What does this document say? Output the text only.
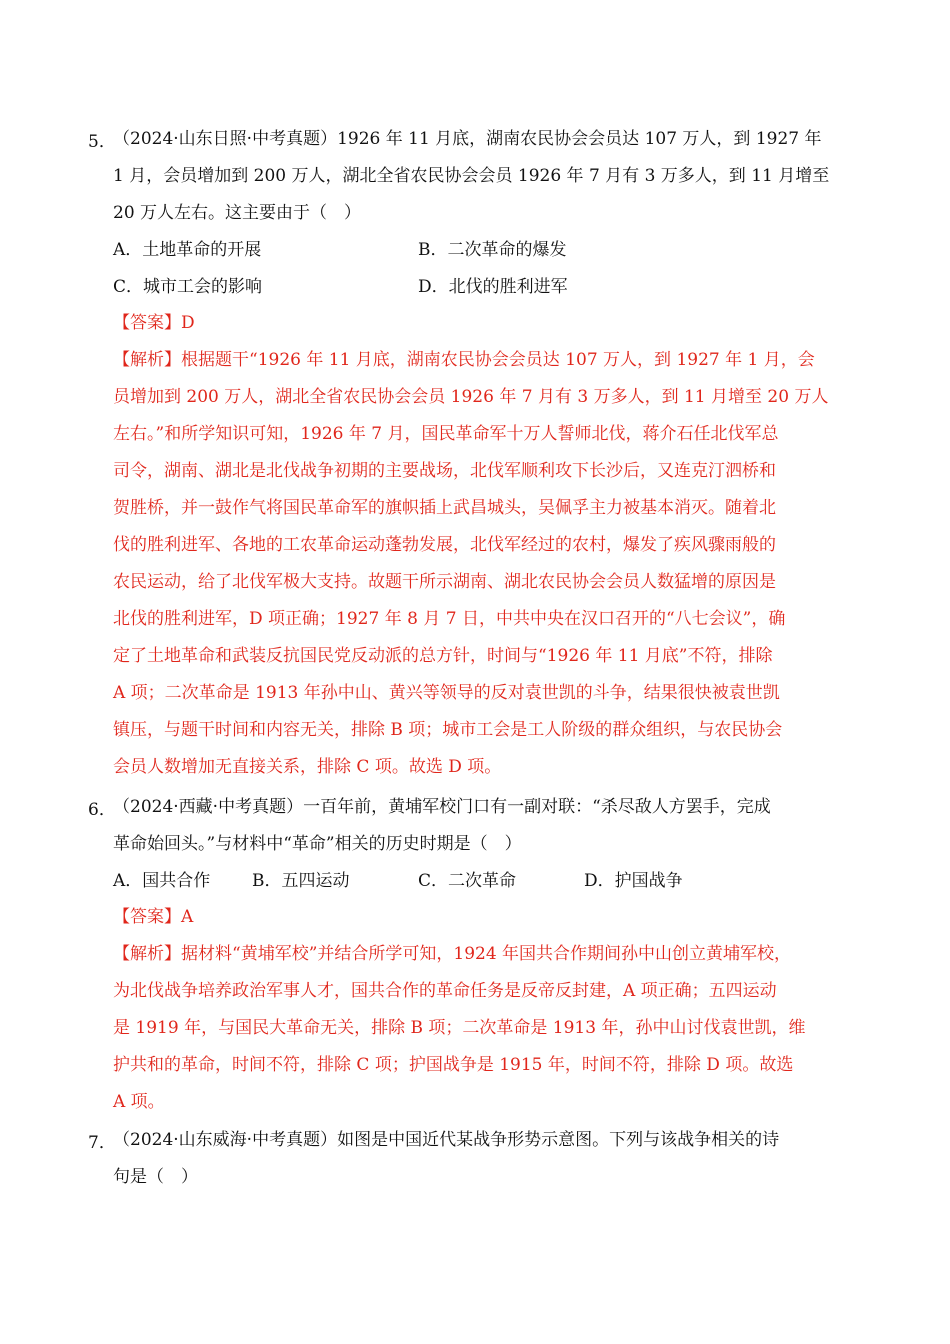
5．
（2024·山东日照·中考真题）1926 年 11 月底，湖南农民协会会员达 107 万人，到 1927 年
1 月，会员增加到 200 万人，湖北全省农民协会会员 1926 年 7 月有 3 万多人，到 11 月增至
20 万人左右。这主要由于（　）
A．土地革命的开展	B．二次革命的爆发
C．城市工会的影响	D．北伐的胜利进军
【答案】D
【解析】根据题干“1926 年 11 月底，湖南农民协会会员达 107 万人，到 1927 年 1 月，会
员增加到 200 万人，湖北全省农民协会会员 1926 年 7 月有 3 万多人，到 11 月增至 20 万人
左右。”和所学知识可知，1926 年 7 月，国民革命军十万人誓师北伐，蒋介石任北伐军总
司令，湖南、湖北是北伐战争初期的主要战场，北伐军顺利攻下长沙后，又连克汀泗桥和
贺胜桥，并一鼓作气将国民革命军的旗帜插上武昌城头，吴佩孚主力被基本消灭。随着北
伐的胜利进军、各地的工农革命运动蓬勃发展，北伐军经过的农村，爆发了疾风骤雨般的
农民运动，给了北伐军极大支持。故题干所示湖南、湖北农民协会会员人数猛增的原因是
北伐的胜利进军，D 项正确；1927 年 8 月 7 日，中共中央在汉口召开的“八七会议”，确
定了土地革命和武装反抗国民党反动派的总方针，时间与“1926 年 11 月底”不符，排除
A 项；二次革命是 1913 年孙中山、黄兴等领导的反对袁世凯的斗争，结果很快被袁世凯
镇压，与题干时间和内容无关，排除 B 项；城市工会是工人阶级的群众组织，与农民协会
会员人数增加无直接关系，排除 C 项。故选 D 项。
6．
（2024·西藏·中考真题）一百年前，黄埔军校门口有一副对联：“杀尽敌人方罢手，完成
革命始回头。”与材料中“革命”相关的历史时期是（　）
A．国共合作 B．五四运动	C．二次革命	D．护国战争
【答案】A
【解析】据材料“黄埔军校”并结合所学可知，1924 年国共合作期间孙中山创立黄埔军校，
为北伐战争培养政治军事人才，国共合作的革命任务是反帝反封建，A 项正确；五四运动
是 1919 年，与国民大革命无关，排除 B 项；二次革命是 1913 年，孙中山讨伐袁世凯，维
护共和的革命，时间不符，排除 C 项；护国战争是 1915 年，时间不符，排除 D 项。故选
A 项。
7．
（2024·山东威海·中考真题）如图是中国近代某战争形势示意图。下列与该战争相关的诗
句是（　）
